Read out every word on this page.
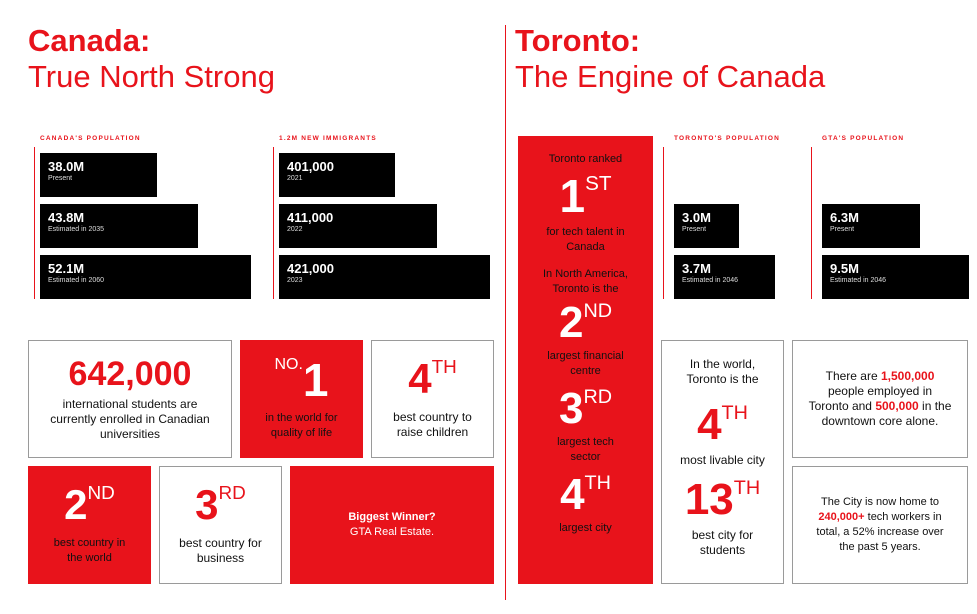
Canada:
True North Strong
CANADA'S POPULATION
38.0M
Present
43.8M
Estimated in 2035
52.1M
Estimated in 2060
1.2M NEW IMMIGRANTS
401,000
2021
411,000
2022
421,000
2023
642,000
international students are currently enrolled in Canadian universities
$^{NO.}$1
in the world for quality of life
4TH
best country to raise children
2ND
best country in the world
3RD
best country for business
Biggest Winner?
GTA Real Estate.
Toronto:
The Engine of Canada
Toronto ranked
1ST
for tech talent in Canada
In North America, Toronto is the
2ND
largest financial centre
3RD
largest tech sector
4TH
largest city
TORONTO'S POPULATION
3.0M
Present
3.7M
Estimated in 2046
GTA'S POPULATION
6.3M
Present
9.5M
Estimated in 2046
In the world, Toronto is the
4TH
most livable city
13TH
best city for students
There are 1,500,000 people employed in Toronto and 500,000 in the downtown core alone.
The City is now home to 240,000+ tech workers in total, a 52% increase over the past 5 years.
